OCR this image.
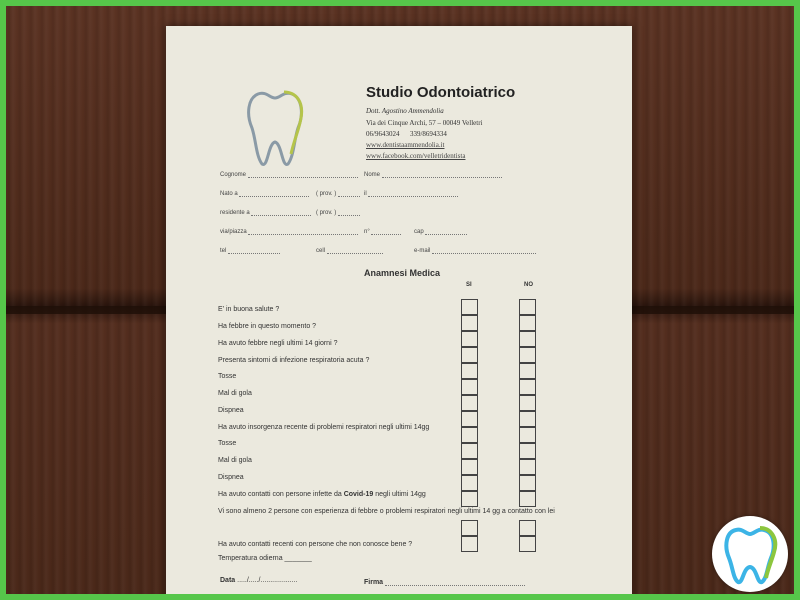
Studio Odontoiatrico
Dott. Agostino Ammendolia
Via dei Cinque Archi, 57 – 00049 Velletri
06/9643024      339/8694334
www.dentistaammendolia.it
www.facebook.com/velletridentista
Cognome	Nome
Nato a	( prov. )	il
residente a	( prov. )
via/piazza	n°	cap
tel	cell	e-mail
Anamnesi Medica
SI	NO
E' in buona salute ?
Ha febbre in questo momento ?
Ha avuto febbre negli ultimi 14 giorni ?
Presenta sintomi di infezione respiratoria acuta ?
Tosse
Mal di gola
Dispnea
Ha avuto insorgenza recente di problemi respiratori negli ultimi 14gg
Tosse
Mal di gola
Dispnea
Ha avuto contatti con persone infette da Covid-19 negli ultimi 14gg
Vi sono almeno 2 persone con esperienza di febbre o problemi respiratori negli ultimi 14 gg a contatto con lei
Ha avuto contatti recenti con persone che non conosce bene ?
Temperatura odierna _______
Data ...../...../...................	Firma
Data
